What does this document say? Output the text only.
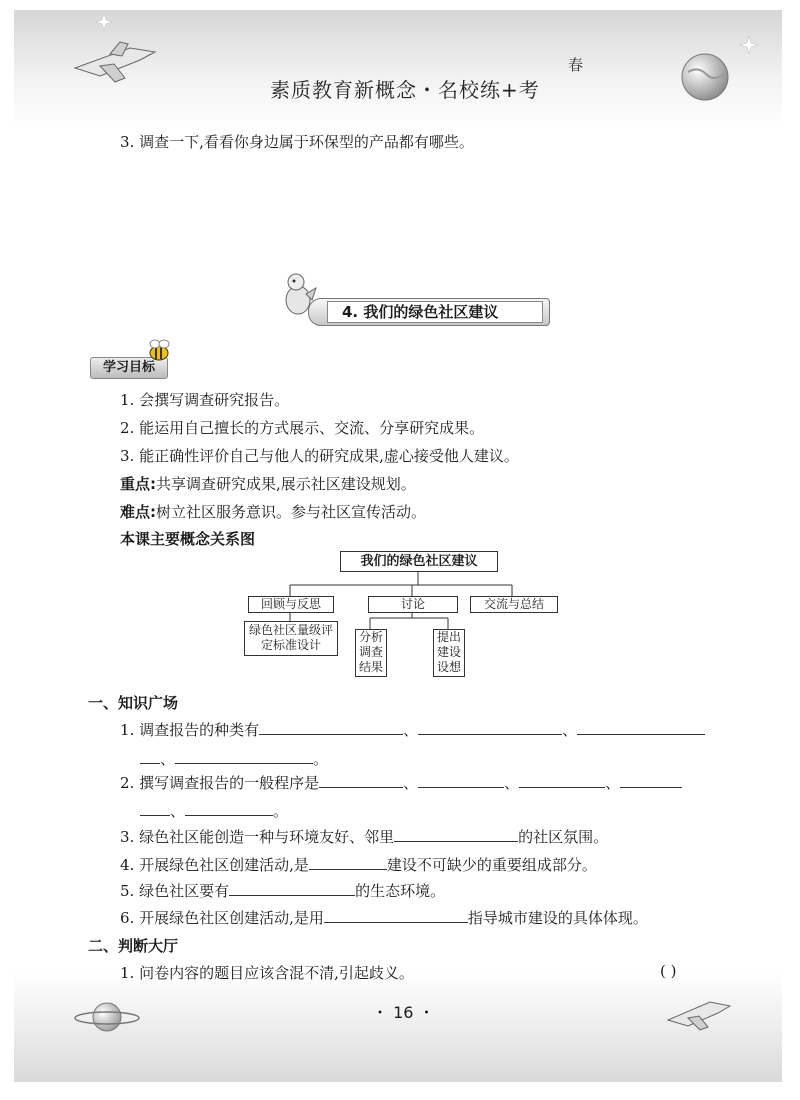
素质教育新概念・名校练+考
春
3. 调查一下,看看你身边属于环保型的产品都有哪些。
4. 我们的绿色社区建议
学习目标
1. 会撰写调查研究报告。
2. 能运用自己擅长的方式展示、交流、分享研究成果。
3. 能正确性评价自己与他人的研究成果,虚心接受他人建议。
重点:共享调查研究成果,展示社区建设规划。
难点:树立社区服务意识。参与社区宣传活动。
本课主要概念关系图
我们的绿色社区建议
回顾与反思	讨论	交流与总结
绿色社区量级评定标准设计
分析调查结果
提出建设设想
一、知识广场
1. 调查报告的种类有	、	、
、	。
2. 撰写调查报告的一般程序是	、	、	、
、	。
3. 绿色社区能创造一种与环境友好、邻里	的社区氛围。
4. 开展绿色社区创建活动,是	建设不可缺少的重要组成部分。
5. 绿色社区要有	的生态环境。
6. 开展绿色社区创建活动,是用	指导城市建设的具体体现。
二、判断大厅
1. 问卷内容的题目应该含混不清,引起歧义。	( )
・ 16 ・
